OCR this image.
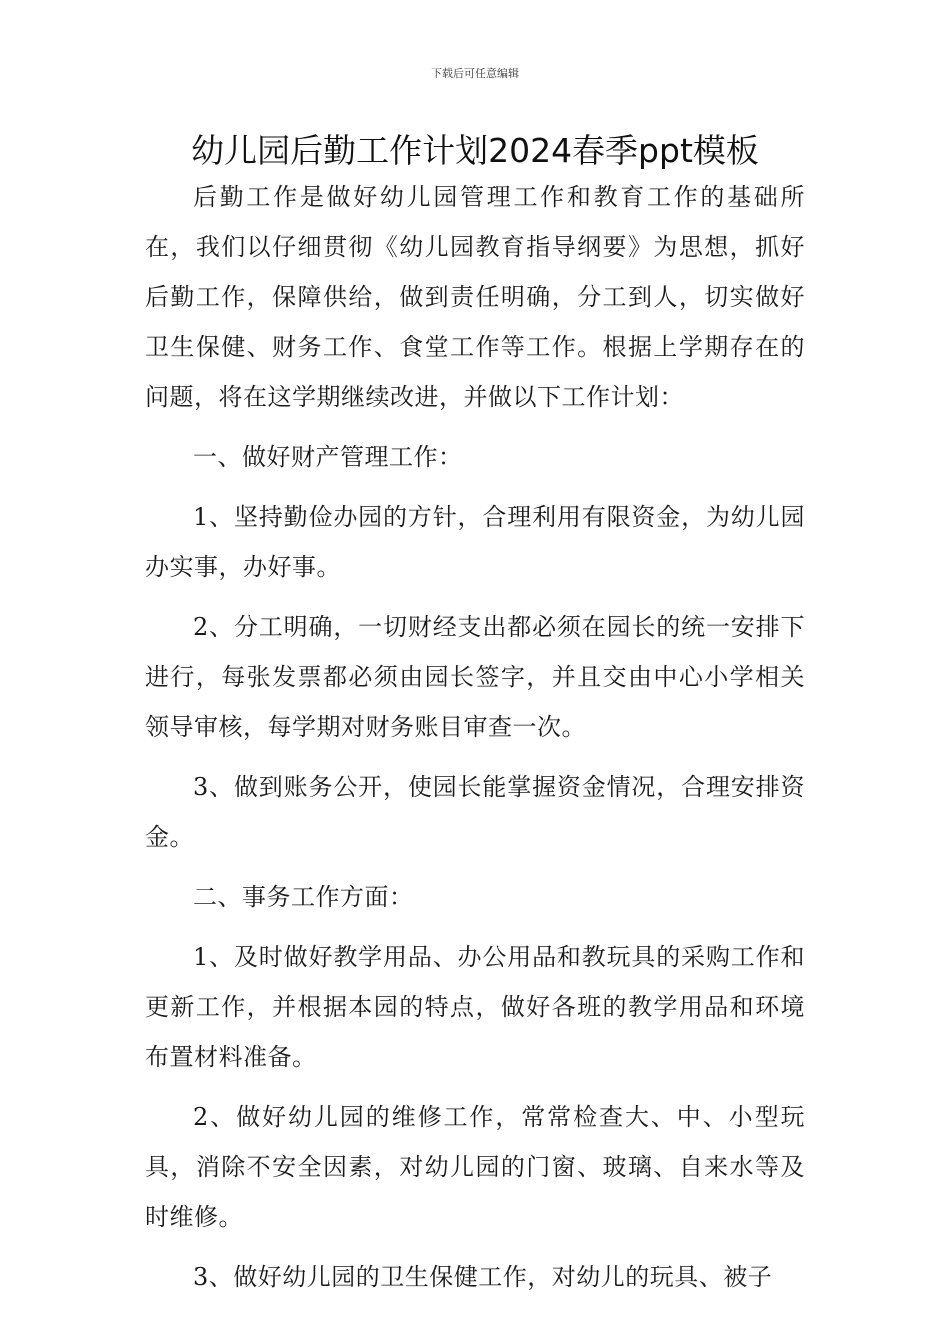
下载后可任意编辑
幼儿园后勤工作计划2024春季ppt模板

后勤工作是做好幼儿园管理工作和教育工作的基础所在，我们以仔细贯彻《幼儿园教育指导纲要》为思想，抓好后勤工作，保障供给，做到责任明确，分工到人，切实做好卫生保健、财务工作、食堂工作等工作。根据上学期存在的问题，将在这学期继续改进，并做以下工作计划：

一、做好财产管理工作：

1、坚持勤俭办园的方针，合理利用有限资金，为幼儿园办实事，办好事。

2、分工明确，一切财经支出都必须在园长的统一安排下进行，每张发票都必须由园长签字，并且交由中心小学相关领导审核，每学期对财务账目审查一次。

3、做到账务公开，使园长能掌握资金情况，合理安排资金。

二、事务工作方面：

1、及时做好教学用品、办公用品和教玩具的采购工作和更新工作，并根据本园的特点，做好各班的教学用品和环境布置材料准备。

2、做好幼儿园的维修工作，常常检查大、中、小型玩具，消除不安全因素，对幼儿园的门窗、玻璃、自来水等及时维修。

3、做好幼儿园的卫生保健工作，对幼儿的玩具、被子
